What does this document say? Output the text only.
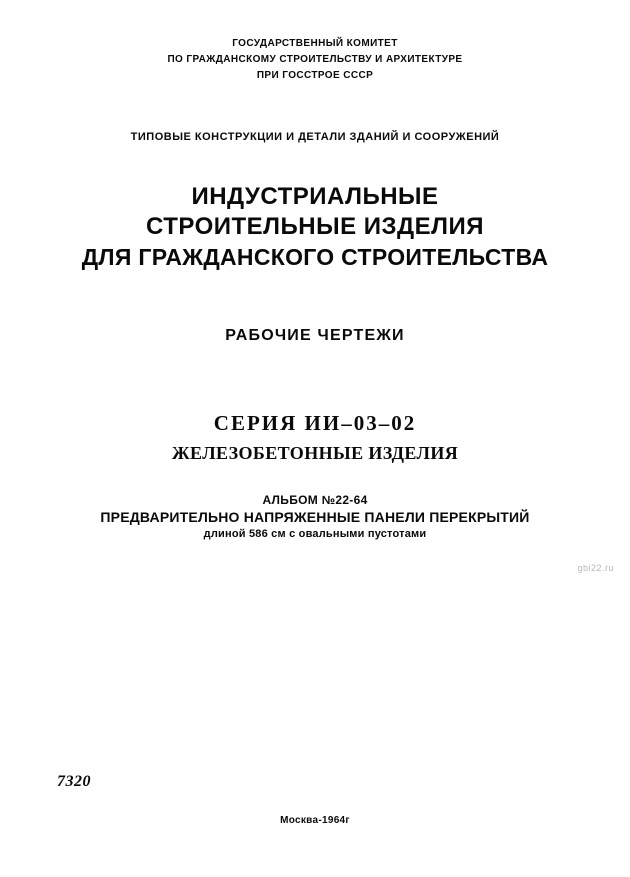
ГОСУДАРСТВЕННЫЙ КОМИТЕТ
ПО ГРАЖДАНСКОМУ СТРОИТЕЛЬСТВУ И АРХИТЕКТУРЕ
ПРИ ГОССТРОЕ СССР
ТИПОВЫЕ КОНСТРУКЦИИ И ДЕТАЛИ ЗДАНИЙ И СООРУЖЕНИЙ
ИНДУСТРИАЛЬНЫЕ
СТРОИТЕЛЬНЫЕ ИЗДЕЛИЯ
ДЛЯ ГРАЖДАНСКОГО СТРОИТЕЛЬСТВА
РАБОЧИЕ ЧЕРТЕЖИ
СЕРИЯ ИИ–03–02
ЖЕЛЕЗОБЕТОННЫЕ ИЗДЕЛИЯ
АЛЬБОМ №22-64
ПРЕДВАРИТЕЛЬНО НАПРЯЖЕННЫЕ ПАНЕЛИ ПЕРЕКРЫТИЙ
длиной 586 см с овальными пустотами
gbi22.ru
7320
Москва-1964г
